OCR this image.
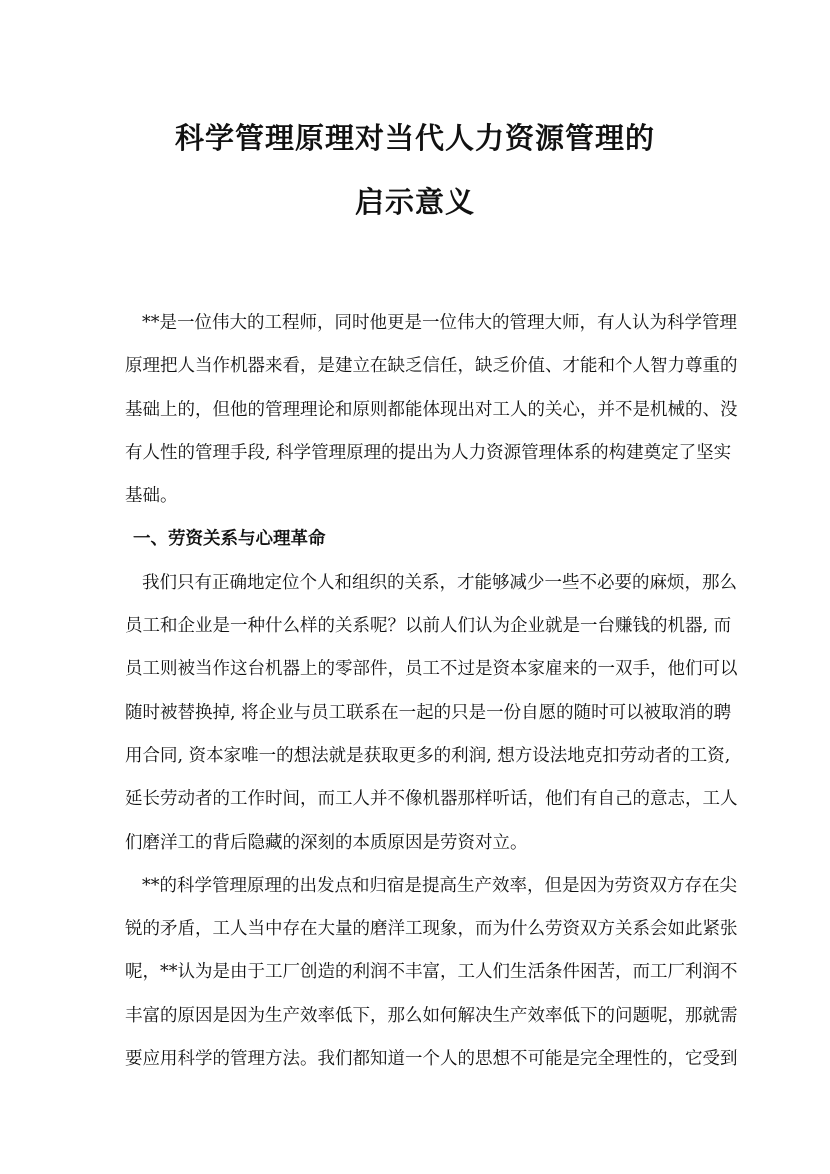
科学管理原理对当代人力资源管理的
启示意义
**是一位伟大的工程师，同时他更是一位伟大的管理大师，有人认为科学管理
原理把人当作机器来看，是建立在缺乏信任，缺乏价值、才能和个人智力尊重的
基础上的，但他的管理理论和原则都能体现出对工人的关心，并不是机械的、没
有人性的管理手段, 科学管理原理的提出为人力资源管理体系的构建奠定了坚实
基础。
一、劳资关系与心理革命
我们只有正确地定位个人和组织的关系，才能够减少一些不必要的麻烦，那么
员工和企业是一种什么样的关系呢？以前人们认为企业就是一台赚钱的机器, 而
员工则被当作这台机器上的零部件，员工不过是资本家雇来的一双手，他们可以
随时被替换掉, 将企业与员工联系在一起的只是一份自愿的随时可以被取消的聘
用合同, 资本家唯一的想法就是获取更多的利润, 想方设法地克扣劳动者的工资,
延长劳动者的工作时间，而工人并不像机器那样听话，他们有自己的意志，工人
们磨洋工的背后隐藏的深刻的本质原因是劳资对立。
**的科学管理原理的出发点和归宿是提高生产效率，但是因为劳资双方存在尖
锐的矛盾，工人当中存在大量的磨洋工现象，而为什么劳资双方关系会如此紧张
呢，**认为是由于工厂创造的利润不丰富，工人们生活条件困苦，而工厂利润不
丰富的原因是因为生产效率低下，那么如何解决生产效率低下的问题呢，那就需
要应用科学的管理方法。我们都知道一个人的思想不可能是完全理性的，它受到
